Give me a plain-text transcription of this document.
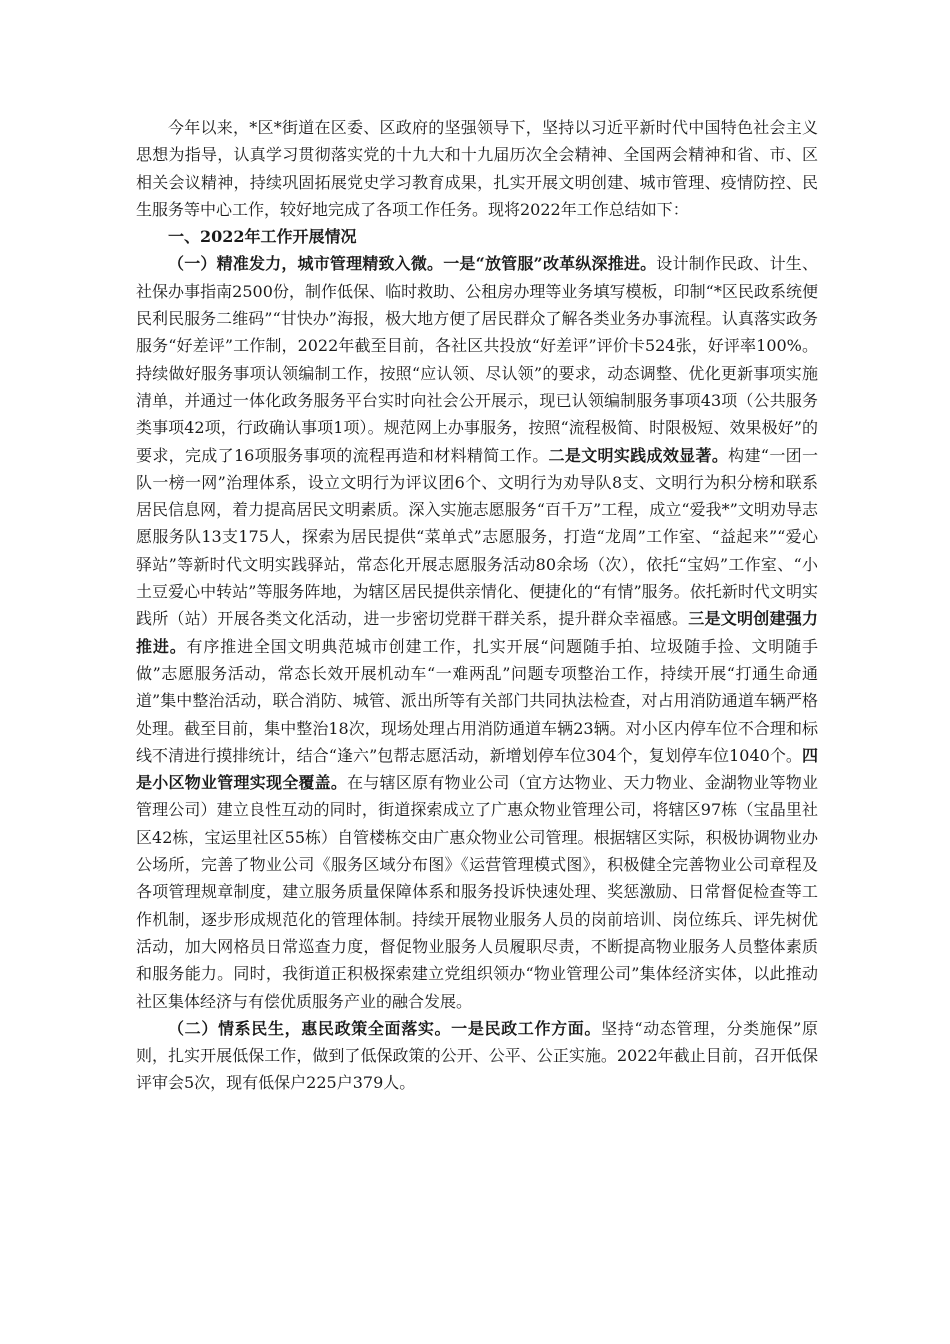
今年以来，*区*街道在区委、区政府的坚强领导下，坚持以习近平新时代中国特色社会主义思想为指导，认真学习贯彻落实党的十九大和十九届历次全会精神、全国两会精神和省、市、区相关会议精神，持续巩固拓展党史学习教育成果，扎实开展文明创建、城市管理、疫情防控、民生服务等中心工作，较好地完成了各项工作任务。现将2022年工作总结如下：

一、2022年工作开展情况

（一）精准发力，城市管理精致入微。一是“放管服”改革纵深推进。设计制作民政、计生、社保办事指南2500份，制作低保、临时救助、公租房办理等业务填写模板，印制“*区民政系统便民利民服务二维码”“甘快办”海报，极大地方便了居民群众了解各类业务办事流程。认真落实政务服务“好差评”工作制，2022年截至目前，各社区共投放“好差评”评价卡524张，好评率100%。持续做好服务事项认领编制工作，按照“应认领、尽认领”的要求，动态调整、优化更新事项实施清单，并通过一体化政务服务平台实时向社会公开展示，现已认领编制服务事项43项（公共服务类事项42项，行政确认事项1项）。规范网上办事服务，按照“流程极简、时限极短、效果极好”的要求，完成了16项服务事项的流程再造和材料精简工作。二是文明实践成效显著。构建“一团一队一榜一网”治理体系，设立文明行为评议团6个、文明行为劝导队8支、文明行为积分榜和联系居民信息网，着力提高居民文明素质。深入实施志愿服务“百千万”工程，成立“爱我*”文明劝导志愿服务队13支175人，探索为居民提供“菜单式”志愿服务，打造“龙周”工作室、“益起来”“爱心驿站”等新时代文明实践驿站，常态化开展志愿服务活动80余场（次），依托“宝妈”工作室、“小土豆爱心中转站”等服务阵地，为辖区居民提供亲情化、便捷化的“有情”服务。依托新时代文明实践所（站）开展各类文化活动，进一步密切党群干群关系，提升群众幸福感。三是文明创建强力推进。有序推进全国文明典范城市创建工作，扎实开展“问题随手拍、垃圾随手捡、文明随手做”志愿服务活动，常态长效开展机动车“一难两乱”问题专项整治工作，持续开展“打通生命通道”集中整治活动，联合消防、城管、派出所等有关部门共同执法检查，对占用消防通道车辆严格处理。截至目前，集中整治18次，现场处理占用消防通道车辆23辆。对小区内停车位不合理和标线不清进行摸排统计，结合“逢六”包帮志愿活动，新增划停车位304个，复划停车位1040个。四是小区物业管理实现全覆盖。在与辖区原有物业公司（宜方达物业、天力物业、金湖物业等物业管理公司）建立良性互动的同时，街道探索成立了广惠众物业管理公司，将辖区97栋（宝晶里社区42栋，宝运里社区55栋）自管楼栋交由广惠众物业公司管理。根据辖区实际，积极协调物业办公场所，完善了物业公司《服务区域分布图》《运营管理模式图》，积极健全完善物业公司章程及各项管理规章制度，建立服务质量保障体系和服务投诉快速处理、奖惩激励、日常督促检查等工作机制，逐步形成规范化的管理体制。持续开展物业服务人员的岗前培训、岗位练兵、评先树优活动，加大网格员日常巡查力度，督促物业服务人员履职尽责，不断提高物业服务人员整体素质和服务能力。同时，我街道正积极探索建立党组织领办“物业管理公司”集体经济实体，以此推动社区集体经济与有偿优质服务产业的融合发展。

（二）情系民生，惠民政策全面落实。一是民政工作方面。坚持“动态管理，分类施保”原则，扎实开展低保工作，做到了低保政策的公开、公平、公正实施。2022年截止目前，召开低保评审会5次，现有低保户225户379人。
